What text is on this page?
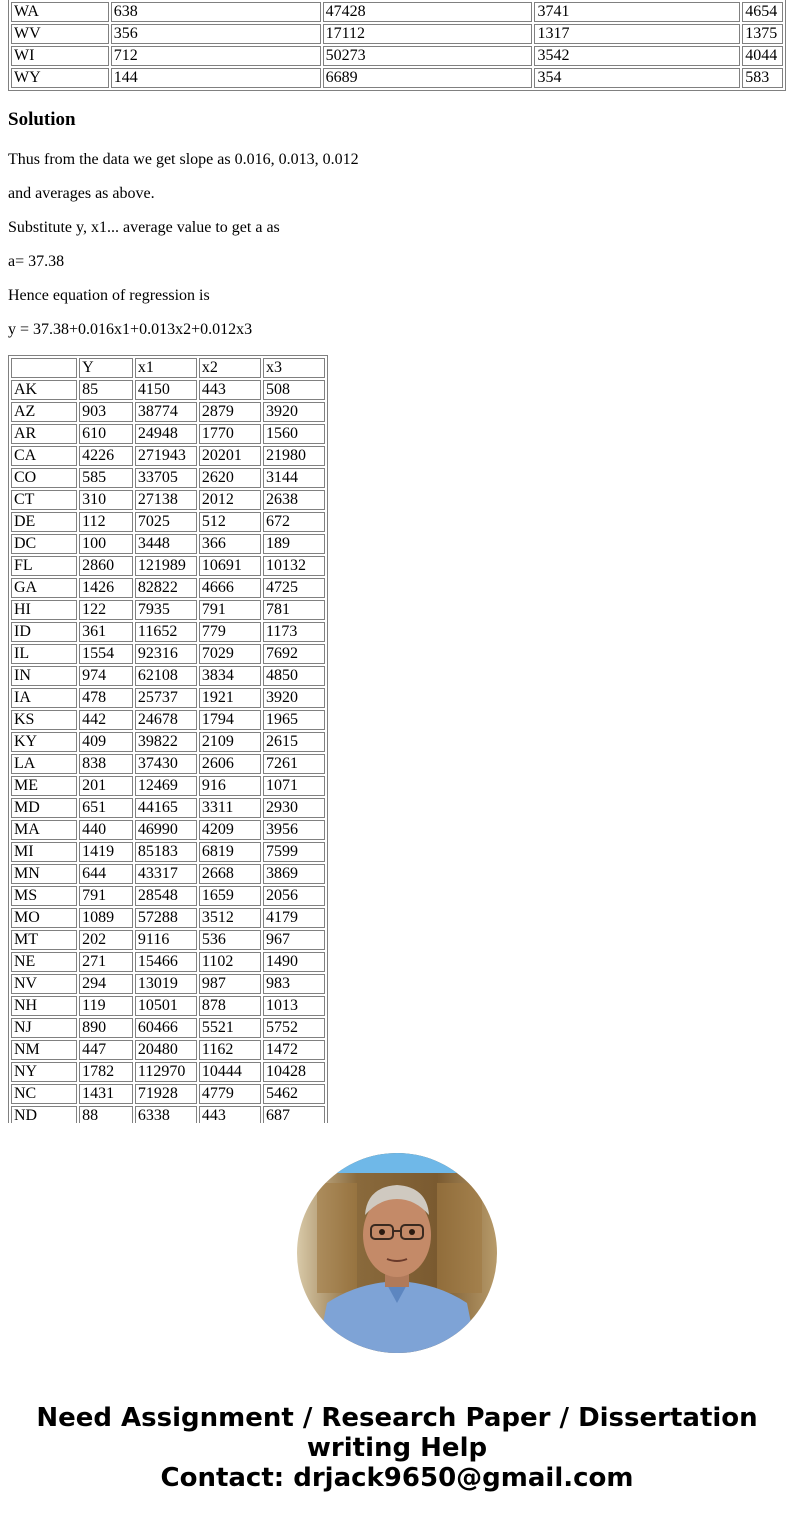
WA	638	47428	3741	4654
WV	356	17112	1317	1375
WI	712	50273	3542	4044
WY	144	6689	354	583
Solution

Thus from the data we get slope as 0.016, 0.013, 0.012

and averages as above.

Substitute y, x1... average value to get a as

a= 37.38

Hence equation of regression is

y = 37.38+0.016x1+0.013x2+0.012x3

	Y	x1	x2	x3
AK	85	4150	443	508
AZ	903	38774	2879	3920
AR	610	24948	1770	1560
CA	4226	271943	20201	21980
CO	585	33705	2620	3144
CT	310	27138	2012	2638
DE	112	7025	512	672
DC	100	3448	366	189
FL	2860	121989	10691	10132
GA	1426	82822	4666	4725
HI	122	7935	791	781
ID	361	11652	779	1173
IL	1554	92316	7029	7692
IN	974	62108	3834	4850
IA	478	25737	1921	3920
KS	442	24678	1794	1965
KY	409	39822	2109	2615
LA	838	37430	2606	7261
ME	201	12469	916	1071
MD	651	44165	3311	2930
MA	440	46990	4209	3956
MI	1419	85183	6819	7599
MN	644	43317	2668	3869
MS	791	28548	1659	2056
MO	1089	57288	3512	4179
MT	202	9116	536	967
NE	271	15466	1102	1490
NV	294	13019	987	983
NH	119	10501	878	1013
NJ	890	60466	5521	5752
NM	447	20480	1162	1472
NY	1782	112970	10444	10428
NC	1431	71928	4779	5462
ND	88	6338	443	687
Need Assignment / Research Paper / Dissertation
writing Help
Contact: drjack9650@gmail.com
